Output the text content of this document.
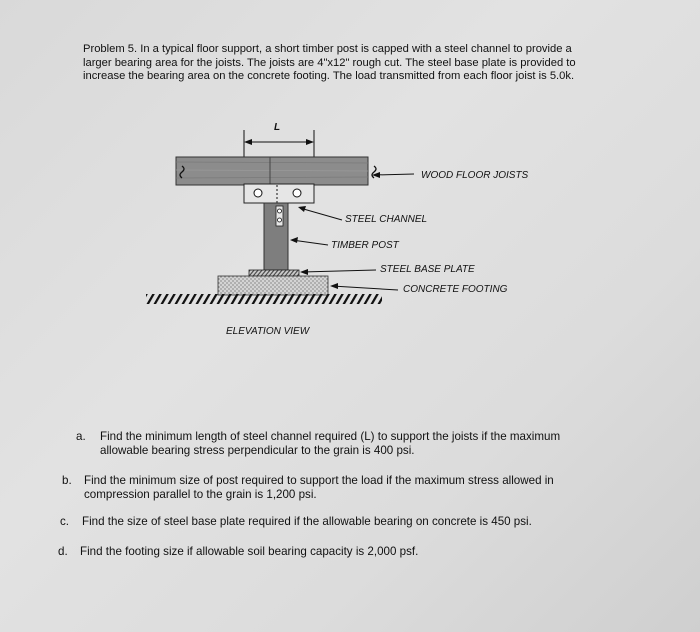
Problem 5. In a typical floor support, a short timber post is capped with a steel channel to provide a
larger bearing area for the joists. The joists are 4"x12" rough cut. The steel base plate is provided to
increase the bearing area on the concrete footing. The load transmitted from each floor joist is 5.0k.
L
WOOD FLOOR JOISTS
STEEL CHANNEL
TIMBER POST
STEEL BASE PLATE
CONCRETE FOOTING
ELEVATION VIEW
a. Find the minimum length of steel channel required (L) to support the joists if the maximum
allowable bearing stress perpendicular to the grain is 400 psi.
b. Find the minimum size of post required to support the load if the maximum stress allowed in
compression parallel to the grain is 1,200 psi.
c. Find the size of steel base plate required if the allowable bearing on concrete is 450 psi.
d. Find the footing size if allowable soil bearing capacity is 2,000 psf.
